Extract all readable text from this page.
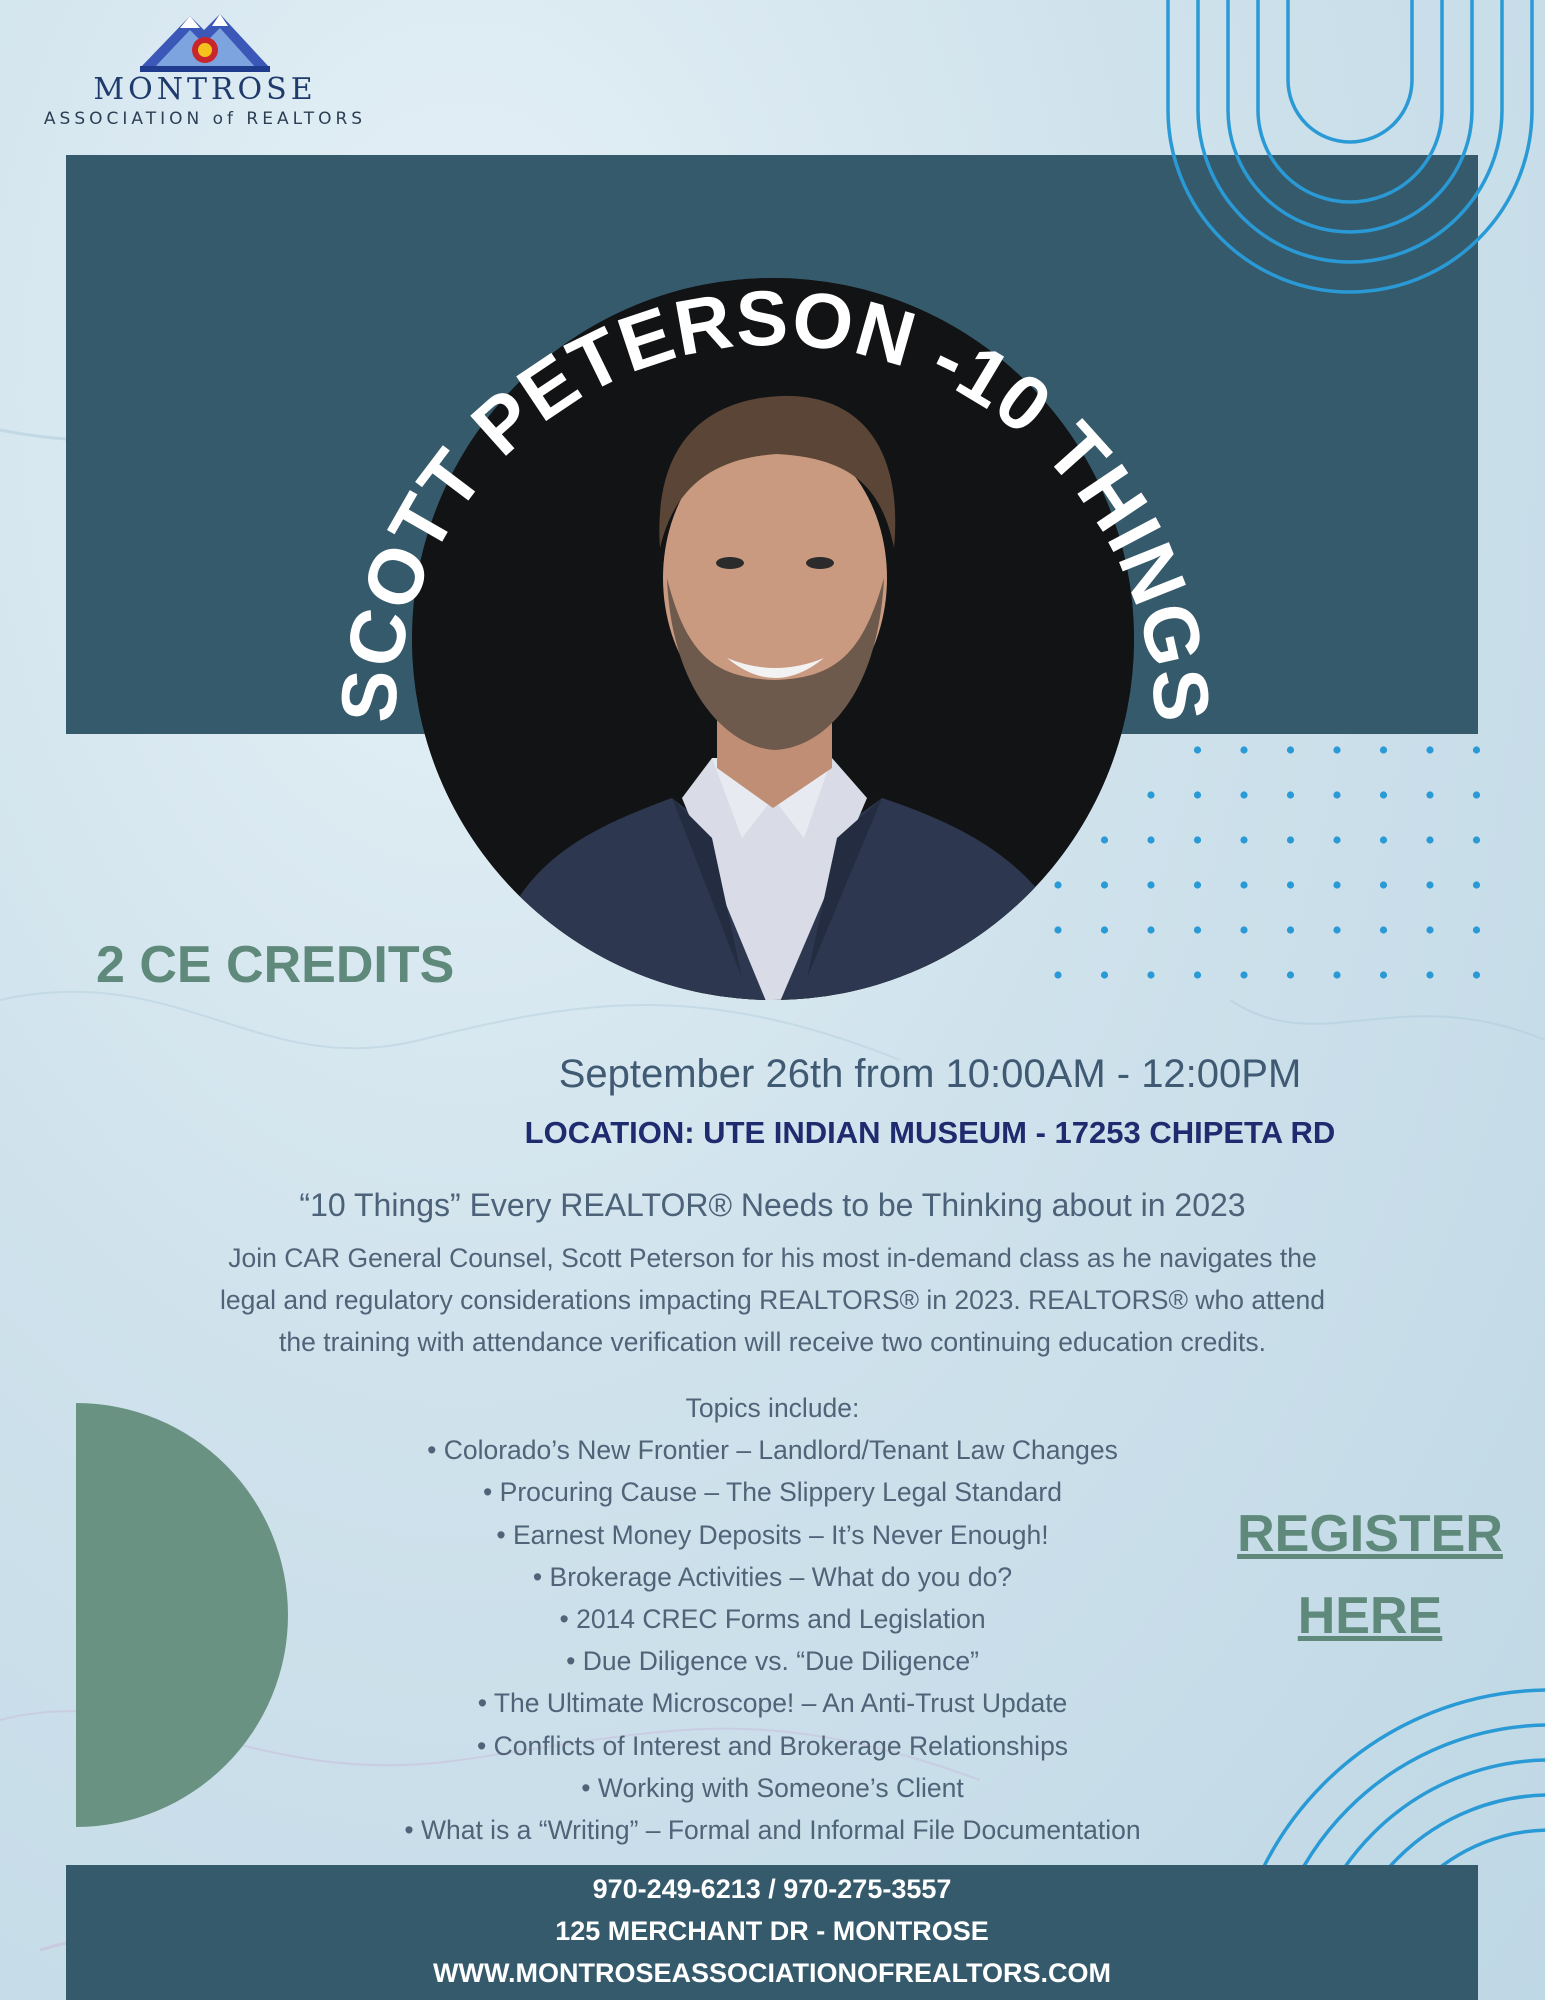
MONTROSE
ASSOCIATION of REALTORS
SCOTT PETERSON -10 THINGS
2 CE CREDITS
September 26th from 10:00AM - 12:00PM
LOCATION: UTE INDIAN MUSEUM - 17253 CHIPETA RD
“10 Things” Every REALTOR® Needs to be Thinking about in 2023
Join CAR General Counsel, Scott Peterson for his most in-demand class as he navigates the
legal and regulatory considerations impacting REALTORS® in 2023. REALTORS® who attend
the training with attendance verification will receive two continuing education credits.
Topics include:
• Colorado’s New Frontier – Landlord/Tenant Law Changes
• Procuring Cause – The Slippery Legal Standard
• Earnest Money Deposits – It’s Never Enough!
• Brokerage Activities – What do you do?
• 2014 CREC Forms and Legislation
• Due Diligence vs. “Due Diligence”
• The Ultimate Microscope! – An Anti-Trust Update
• Conflicts of Interest and Brokerage Relationships
• Working with Someone’s Client
• What is a “Writing” – Formal and Informal File Documentation
REGISTER
HERE
970-249-6213 / 970-275-3557
125 MERCHANT DR - MONTROSE
WWW.MONTROSEASSOCIATIONOFREALTORS.COM
